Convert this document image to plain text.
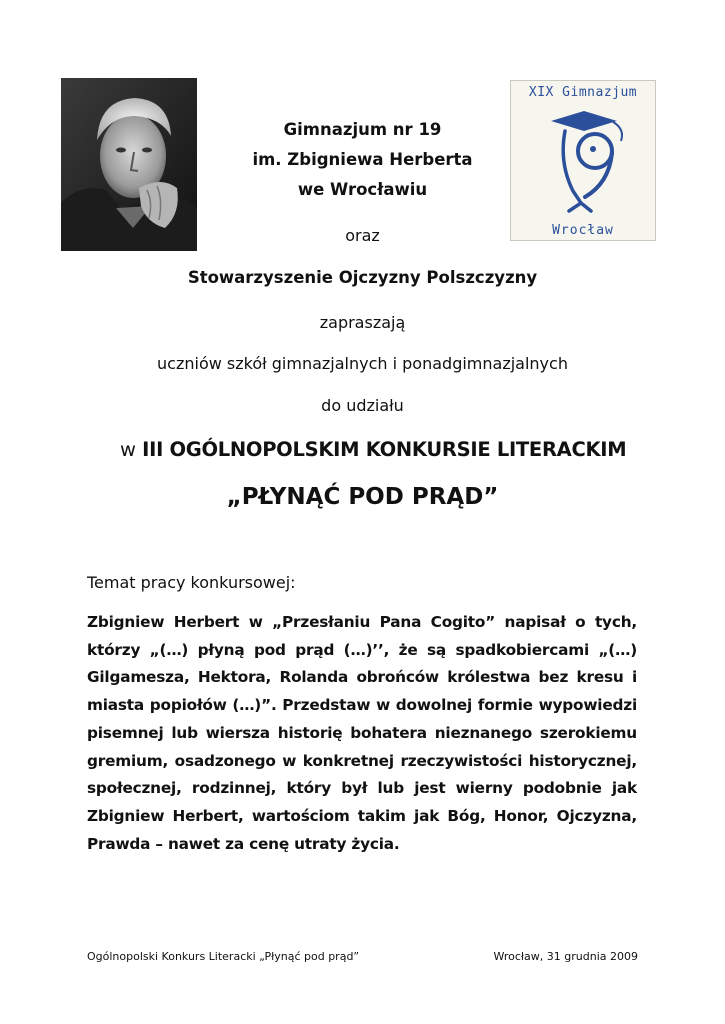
XIX Gimnazjum
Wrocław
Gimnazjum nr 19
im. Zbigniewa Herberta
we Wrocławiu
oraz
Stowarzyszenie Ojczyzny Polszczyzny
zapraszają
uczniów szkół gimnazjalnych i ponadgimnazjalnych
do udziału
w III OGÓLNOPOLSKIM KONKURSIE LITERACKIM
„PŁYNĄĆ POD PRĄD”
Temat pracy konkursowej:
Zbigniew Herbert w „Przesłaniu Pana Cogito” napisał o tych, którzy „(…) płyną pod prąd (…)’’, że są spadkobiercami „(…) Gilgamesza, Hektora, Rolanda obrońców królestwa bez kresu i miasta popiołów (…)”. Przedstaw w dowolnej formie wypowiedzi pisemnej lub wiersza historię bohatera nieznanego szerokiemu gremium, osadzonego w konkretnej rzeczywistości historycznej, społecznej, rodzinnej, który był lub jest wierny podobnie jak Zbigniew Herbert, wartościom takim jak Bóg, Honor, Ojczyzna, Prawda – nawet za cenę utraty życia.
Ogólnopolski Konkurs Literacki „Płynąć pod prąd”	Wrocław, 31 grudnia 2009
